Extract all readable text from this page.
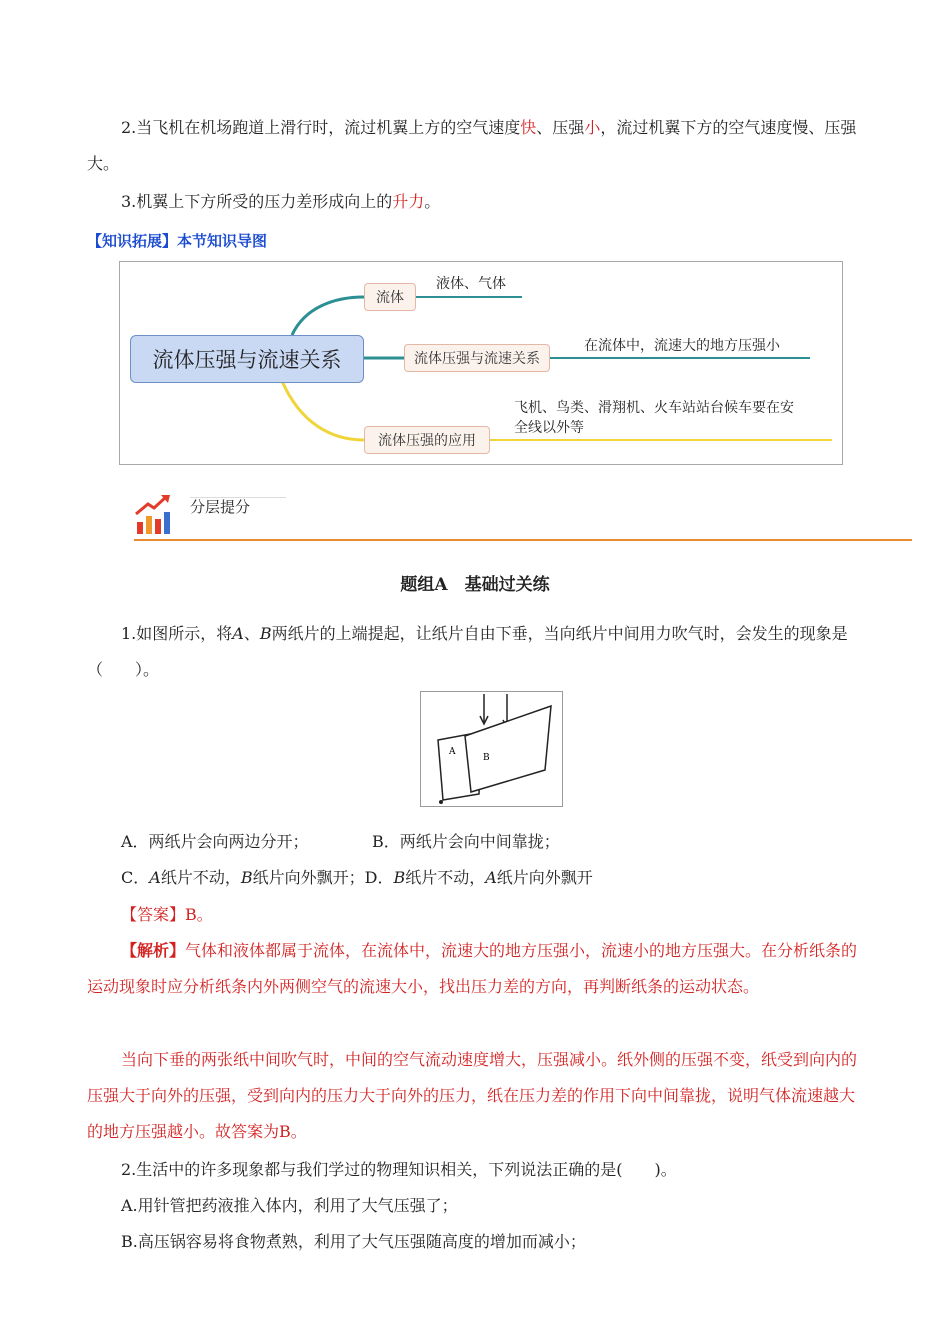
2.当飞机在机场跑道上滑行时，流过机翼上方的空气速度快、压强小，流过机翼下方的空气速度慢、压强大。
3.机翼上下方所受的压力差形成向上的升力。
【知识拓展】本节知识导图
流体压强与流速关系
流体
液体、气体
流体压强与流速关系
在流体中，流速大的地方压强小
流体压强的应用
飞机、鸟类、滑翔机、火车站站台候车要在安
全线以外等
分层提分
题组A　基础过关练
1.如图所示，将A、B两纸片的上端提起，让纸片自由下垂，当向纸片中间用力吹气时，会发生的现象是（　　）。
A
B
A．两纸片会向两边分开；	B．两纸片会向中间靠拢；
C．A纸片不动，B纸片向外飘开；D．B纸片不动，A纸片向外飘开
【答案】B。
【解析】气体和液体都属于流体，在流体中，流速大的地方压强小，流速小的地方压强大。在分析纸条的运动现象时应分析纸条内外两侧空气的流速大小，找出压力差的方向，再判断纸条的运动状态。
当向下垂的两张纸中间吹气时，中间的空气流动速度增大，压强减小。纸外侧的压强不变，纸受到向内的压强大于向外的压强，受到向内的压力大于向外的压力，纸在压力差的作用下向中间靠拢，说明气体流速越大的地方压强越小。故答案为B。
2.生活中的许多现象都与我们学过的物理知识相关，下列说法正确的是(　　)。
A.用针管把药液推入体内，利用了大气压强了；
B.高压锅容易将食物煮熟，利用了大气压强随高度的增加而减小；
